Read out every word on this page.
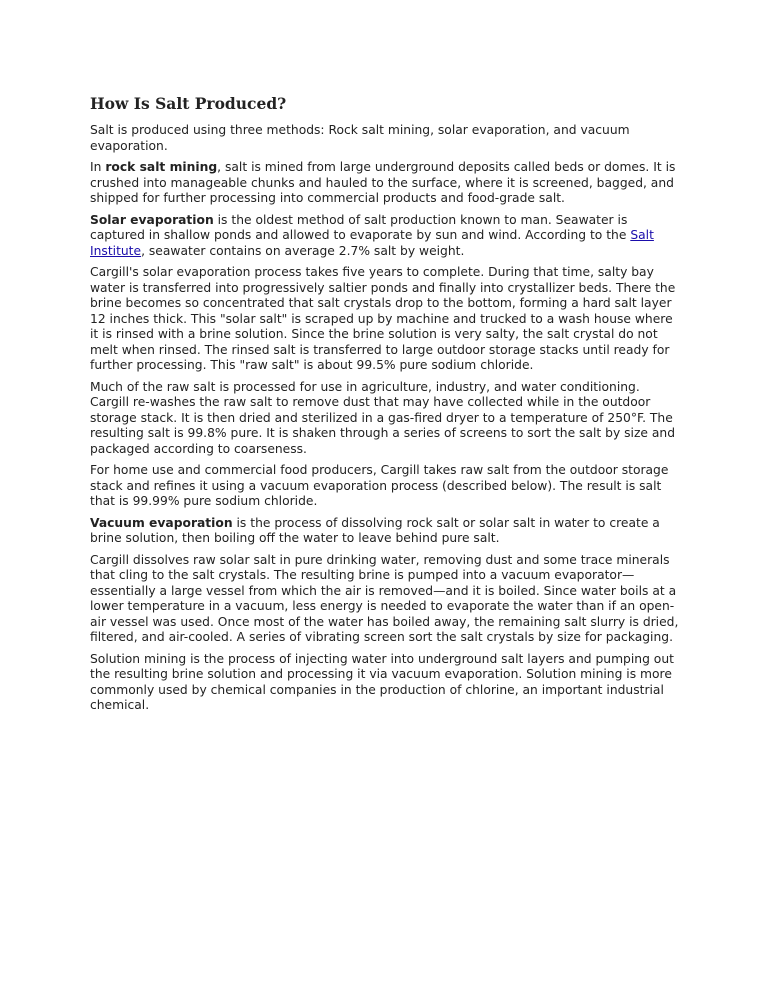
How Is Salt Produced?

Salt is produced using three methods: Rock salt mining, solar evaporation, and vacuum evaporation.

In rock salt mining, salt is mined from large underground deposits called beds or domes. It is crushed into manageable chunks and hauled to the surface, where it is screened, bagged, and shipped for further processing into commercial products and food-grade salt.

Solar evaporation is the oldest method of salt production known to man. Seawater is captured in shallow ponds and allowed to evaporate by sun and wind. According to the Salt Institute, seawater contains on average 2.7% salt by weight.

Cargill's solar evaporation process takes five years to complete. During that time, salty bay water is transferred into progressively saltier ponds and finally into crystallizer beds. There the brine becomes so concentrated that salt crystals drop to the bottom, forming a hard salt layer 12 inches thick. This "solar salt" is scraped up by machine and trucked to a wash house where it is rinsed with a brine solution. Since the brine solution is very salty, the salt crystal do not melt when rinsed. The rinsed salt is transferred to large outdoor storage stacks until ready for further processing. This "raw salt" is about 99.5% pure sodium chloride.

Much of the raw salt is processed for use in agriculture, industry, and water conditioning. Cargill re-washes the raw salt to remove dust that may have collected while in the outdoor storage stack. It is then dried and sterilized in a gas-fired dryer to a temperature of 250°F. The resulting salt is 99.8% pure. It is shaken through a series of screens to sort the salt by size and packaged according to coarseness.

For home use and commercial food producers, Cargill takes raw salt from the outdoor storage stack and refines it using a vacuum evaporation process (described below). The result is salt that is 99.99% pure sodium chloride.

Vacuum evaporation is the process of dissolving rock salt or solar salt in water to create a brine solution, then boiling off the water to leave behind pure salt.

Cargill dissolves raw solar salt in pure drinking water, removing dust and some trace minerals that cling to the salt crystals. The resulting brine is pumped into a vacuum evaporator—essentially a large vessel from which the air is removed—and it is boiled. Since water boils at a lower temperature in a vacuum, less energy is needed to evaporate the water than if an open-air vessel was used. Once most of the water has boiled away, the remaining salt slurry is dried, filtered, and air-cooled. A series of vibrating screen sort the salt crystals by size for packaging.

Solution mining is the process of injecting water into underground salt layers and pumping out the resulting brine solution and processing it via vacuum evaporation. Solution mining is more commonly used by chemical companies in the production of chlorine, an important industrial chemical.
